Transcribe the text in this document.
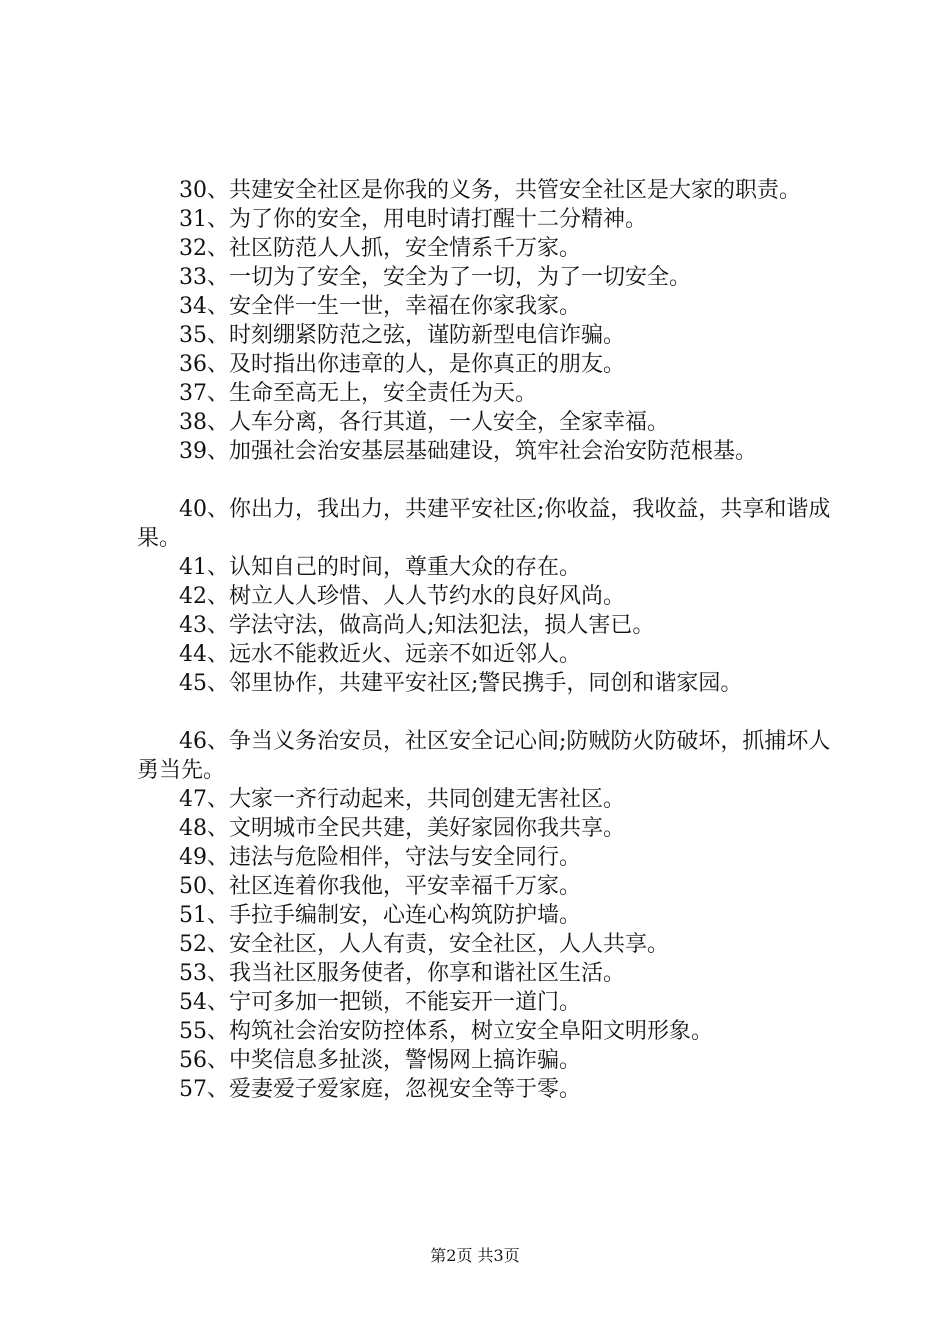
30、共建安全社区是你我的义务，共管安全社区是大家的职责。
31、为了你的安全，用电时请打醒十二分精神。
32、社区防范人人抓，安全情系千万家。
33、一切为了安全，安全为了一切，为了一切安全。
34、安全伴一生一世，幸福在你家我家。
35、时刻绷紧防范之弦，谨防新型电信诈骗。
36、及时指出你违章的人，是你真正的朋友。
37、生命至高无上，安全责任为天。
38、人车分离，各行其道，一人安全，全家幸福。
39、加强社会治安基层基础建设，筑牢社会治安防范根基。
40、你出力，我出力，共建平安社区;你收益，我收益，共享和谐成果。
41、认知自己的时间，尊重大众的存在。
42、树立人人珍惜、人人节约水的良好风尚。
43、学法守法，做高尚人;知法犯法，损人害已。
44、远水不能救近火、远亲不如近邻人。
45、邻里协作，共建平安社区;警民携手，同创和谐家园。
46、争当义务治安员，社区安全记心间;防贼防火防破坏，抓捕坏人勇当先。
47、大家一齐行动起来，共同创建无害社区。
48、文明城市全民共建，美好家园你我共享。
49、违法与危险相伴，守法与安全同行。
50、社区连着你我他，平安幸福千万家。
51、手拉手编制安，心连心构筑防护墙。
52、安全社区，人人有责，安全社区，人人共享。
53、我当社区服务使者，你享和谐社区生活。
54、宁可多加一把锁，不能妄开一道门。
55、构筑社会治安防控体系，树立安全阜阳文明形象。
56、中奖信息多扯淡，警惕网上搞诈骗。
57、爱妻爱子爱家庭，忽视安全等于零。
第2页 共3页
